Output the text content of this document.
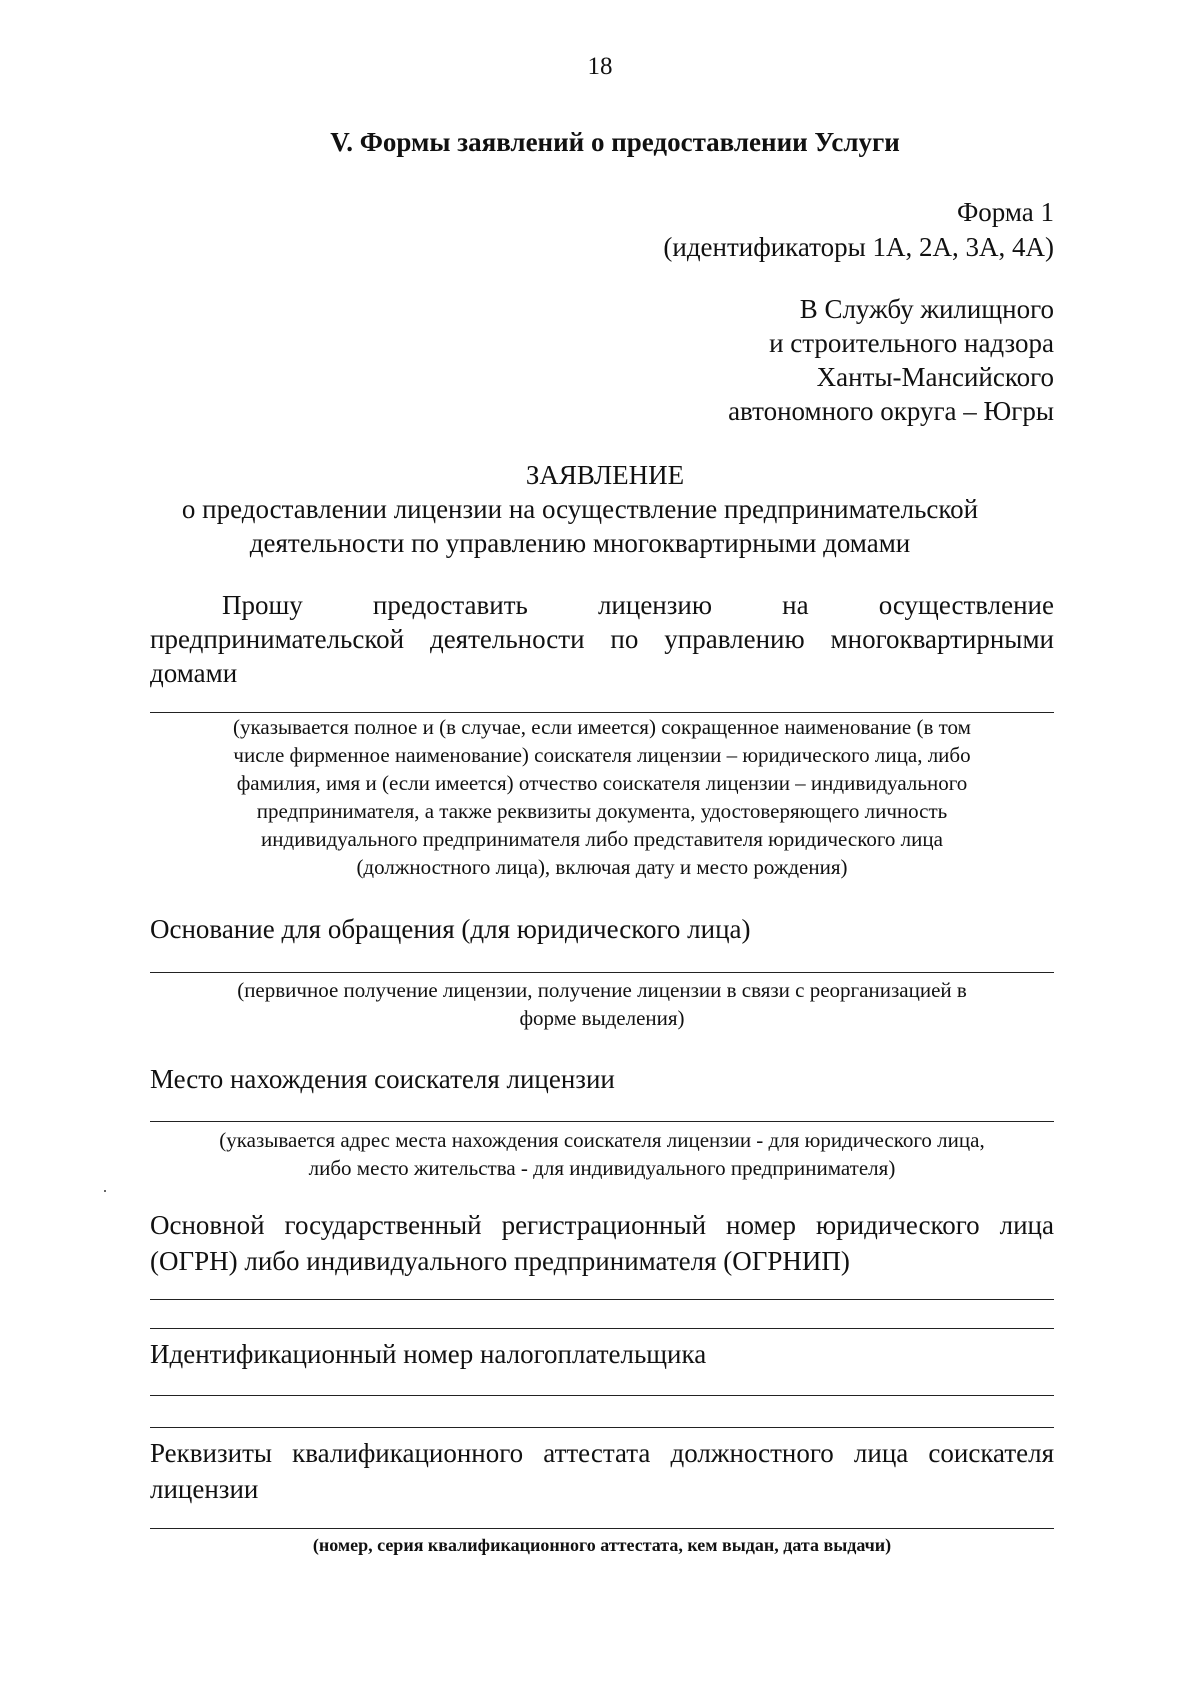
18
V. Формы заявлений о предоставлении Услуги
Форма 1
(идентификаторы 1А, 2А, 3А, 4А)
В Службу жилищного
и строительного надзора
Ханты-Мансийского
автономного округа – Югры
ЗАЯВЛЕНИЕ
о предоставлении лицензии на осуществление предпринимательской
деятельности по управлению многоквартирными домами
Прошу предоставить лицензию на осуществление
предпринимательской деятельности по управлению многоквартирными
домами
(указывается полное и (в случае, если имеется) сокращенное наименование (в том
числе фирменное наименование) соискателя лицензии – юридического лица, либо
фамилия, имя и (если имеется) отчество соискателя лицензии – индивидуального
предпринимателя, а также реквизиты документа, удостоверяющего личность
индивидуального предпринимателя либо представителя юридического лица
(должностного лица), включая дату и место рождения)
Основание для обращения (для юридического лица)
(первичное получение лицензии, получение лицензии в связи с реорганизацией в
форме выделения)
Место нахождения соискателя лицензии
(указывается адрес места нахождения соискателя лицензии - для юридического лица,
либо место жительства - для индивидуального предпринимателя)
Основной государственный регистрационный номер юридического лица
(ОГРН) либо индивидуального предпринимателя (ОГРНИП)
Идентификационный номер налогоплательщика
Реквизиты квалификационного аттестата должностного лица соискателя
лицензии
(номер, серия квалификационного аттестата, кем выдан, дата выдачи)
